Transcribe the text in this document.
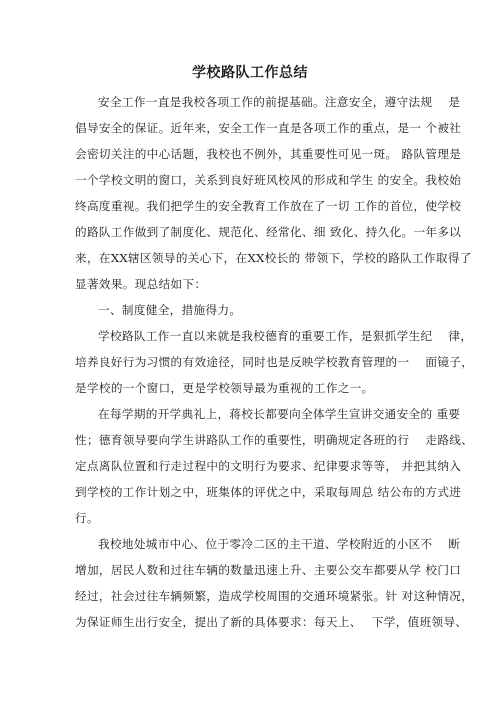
学校路队工作总结

安全工作一直是我校各项工作的前提基础。注意安全，遵守法规　 是

倡导安全的保证。近年来，安全工作一直是各项工作的重点，是一 个被社

会密切关注的中心话题，我校也不例外，其重要性可见一斑。 路队管理是

一个学校文明的窗口，关系到良好班风校风的形成和学生 的安全。我校始

终高度重视。我们把学生的安全教育工作放在了一切 工作的首位，使学校

的路队工作做到了制度化、规范化、经常化、细 致化、持久化。一年多以

来，在XX辖区领导的关心下，在XX校长的 带领下，学校的路队工作取得了

显著效果。现总结如下：

一、制度健全，措施得力。

学校路队工作一直以来就是我校德育的重要工作，是狠抓学生纪　 律，

培养良好行为习惯的有效途径，同时也是反映学校教育管理的一　 面镜子，

是学校的一个窗口，更是学校领导最为重视的工作之一。

在每学期的开学典礼上，蒋校长都要向全体学生宣讲交通安全的 重要

性；德育领导要向学生讲路队工作的重要性，明确规定各班的行　 走路线、

定点离队位置和行走过程中的文明行为要求、纪律要求等等， 并把其纳入

到学校的工作计划之中，班集体的评优之中，采取每周总 结公布的方式进

行。

我校地处城市中心、位于零冷二区的主干道、学校附近的小区不　 断

增加，居民人数和过往车辆的数量迅速上升、主要公交车都要从学 校门口

经过，社会过往车辆频繁，造成学校周围的交通环境紧张。针 对这种情况，

为保证师生出行安全，提出了新的具体要求：每天上、　 下学，值班领导、
